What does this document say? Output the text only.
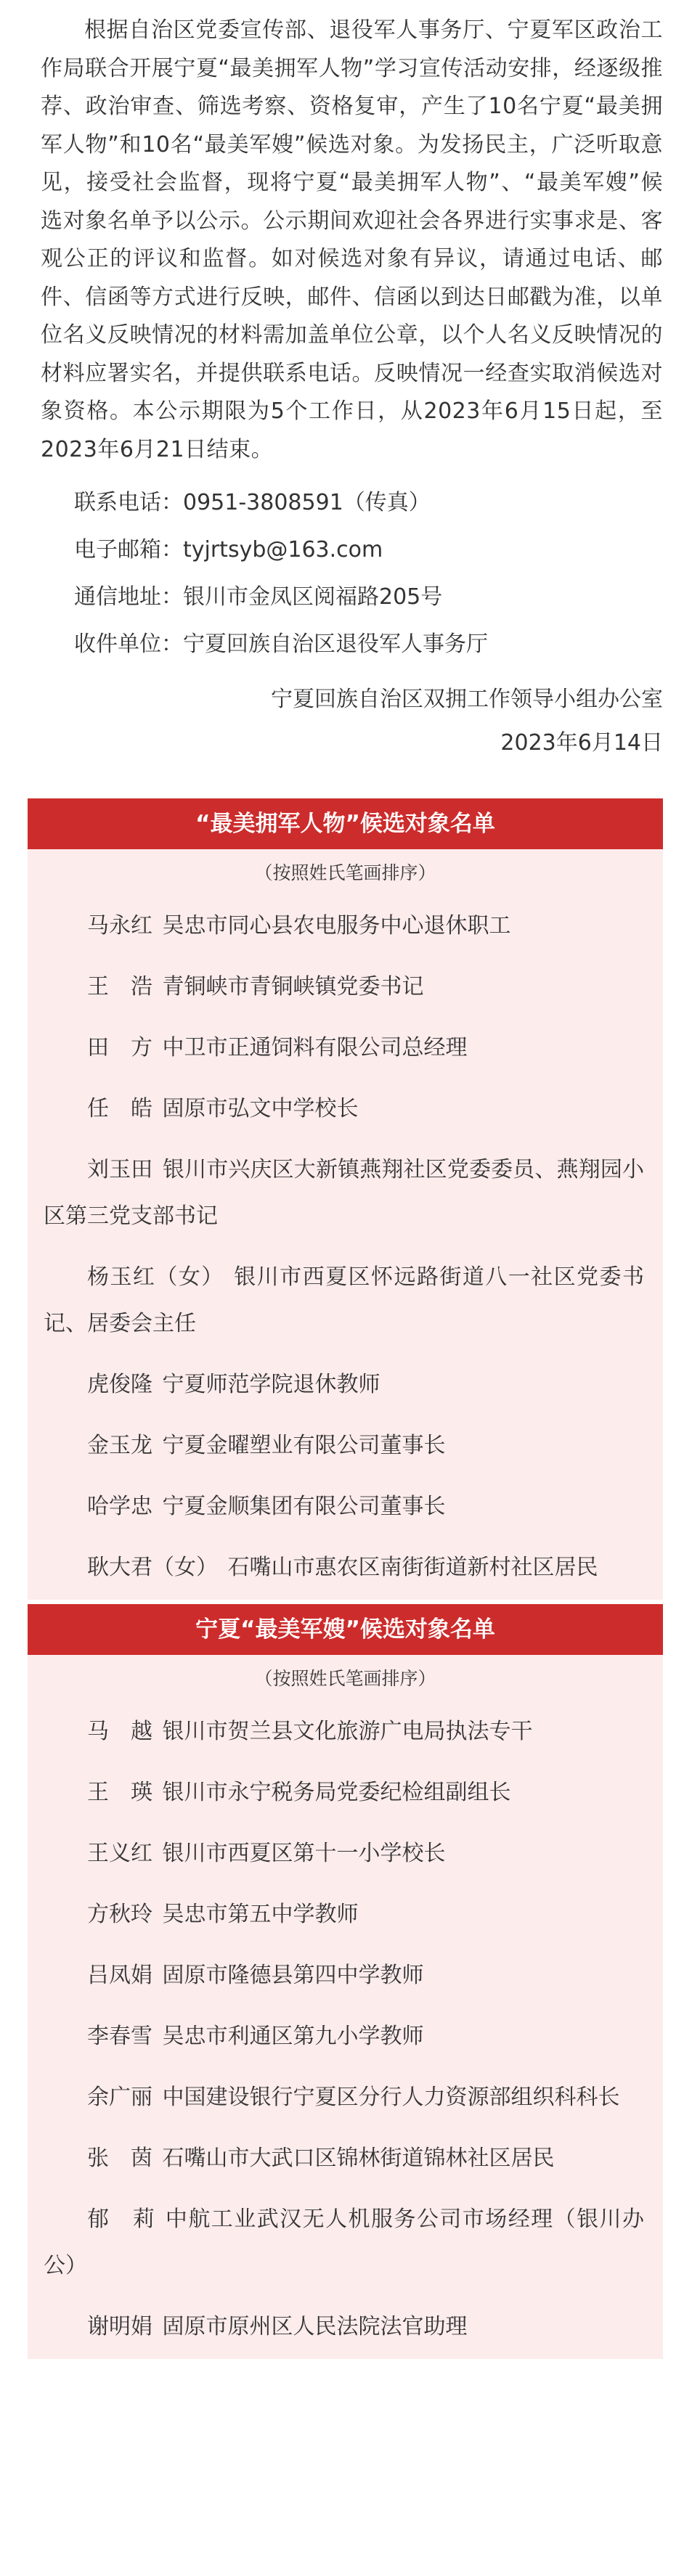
根据自治区党委宣传部、退役军人事务厅、宁夏军区政治工作局联合开展宁夏“最美拥军人物”学习宣传活动安排，经逐级推荐、政治审查、筛选考察、资格复审，产生了10名宁夏“最美拥军人物”和10名“最美军嫂”候选对象。为发扬民主，广泛听取意见，接受社会监督，现将宁夏“最美拥军人物”、“最美军嫂”候选对象名单予以公示。公示期间欢迎社会各界进行实事求是、客观公正的评议和监督。如对候选对象有异议，请通过电话、邮件、信函等方式进行反映，邮件、信函以到达日邮戳为准，以单位名义反映情况的材料需加盖单位公章，以个人名义反映情况的材料应署实名，并提供联系电话。反映情况一经查实取消候选对象资格。本公示期限为5个工作日，从2023年6月15日起，至2023年6月21日结束。

联系电话：0951-3808591（传真）
电子邮箱：tyjrtsyb@163.com
通信地址：银川市金凤区阅福路205号
收件单位：宁夏回族自治区退役军人事务厅
宁夏回族自治区双拥工作领导小组办公室
2023年6月14日
“最美拥军人物”候选对象名单
（按照姓氏笔画排序）

马永红 吴忠市同心县农电服务中心退休职工

王　浩 青铜峡市青铜峡镇党委书记

田　方 中卫市正通饲料有限公司总经理

任　皓 固原市弘文中学校长

刘玉田 银川市兴庆区大新镇燕翔社区党委委员、燕翔园小区第三党支部书记

杨玉红（女） 银川市西夏区怀远路街道八一社区党委书记、居委会主任

虎俊隆 宁夏师范学院退休教师

金玉龙 宁夏金曜塑业有限公司董事长

哈学忠 宁夏金顺集团有限公司董事长

耿大君（女） 石嘴山市惠农区南街街道新村社区居民

宁夏“最美军嫂”候选对象名单
（按照姓氏笔画排序）

马　越 银川市贺兰县文化旅游广电局执法专干

王　瑛 银川市永宁税务局党委纪检组副组长

王义红 银川市西夏区第十一小学校长

方秋玲 吴忠市第五中学教师

吕凤娟 固原市隆德县第四中学教师

李春雪 吴忠市利通区第九小学教师

余广丽 中国建设银行宁夏区分行人力资源部组织科科长

张　茵 石嘴山市大武口区锦林街道锦林社区居民

郁　莉 中航工业武汉无人机服务公司市场经理（银川办公）

谢明娟 固原市原州区人民法院法官助理
